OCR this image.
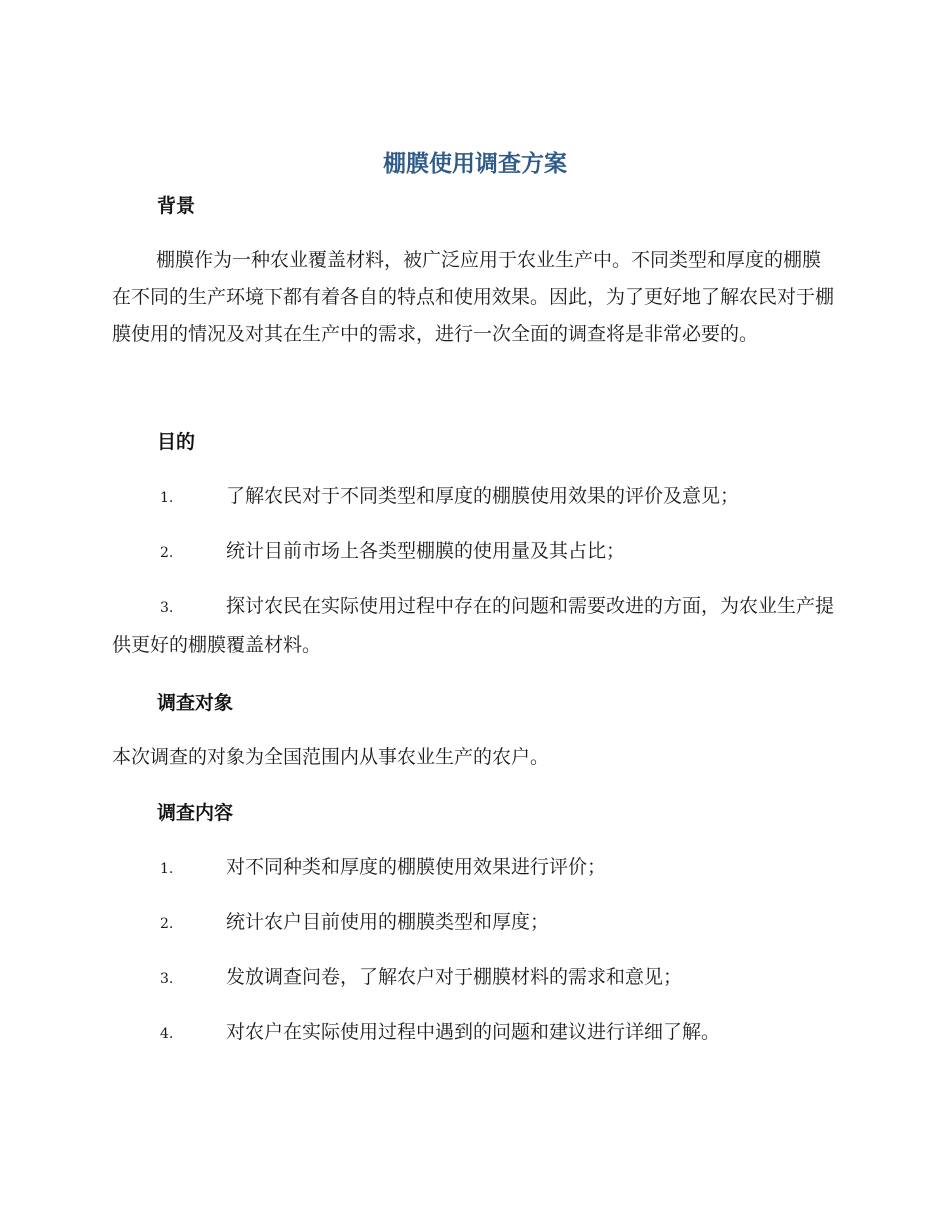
棚膜使用调查方案
背景

棚膜作为一种农业覆盖材料，被广泛应用于农业生产中。不同类型和厚度的棚膜在不同的生产环境下都有着各自的特点和使用效果。因此，为了更好地了解农民对于棚膜使用的情况及对其在生产中的需求，进行一次全面的调查将是非常必要的。

目的

1.	了解农民对于不同类型和厚度的棚膜使用效果的评价及意见；

2.	统计目前市场上各类型棚膜的使用量及其占比；

3.	探讨农民在实际使用过程中存在的问题和需要改进的方面，为农业生产提供更好的棚膜覆盖材料。

调查对象

本次调查的对象为全国范围内从事农业生产的农户。

调查内容

1.	对不同种类和厚度的棚膜使用效果进行评价；

2.	统计农户目前使用的棚膜类型和厚度；

3.	发放调查问卷，了解农户对于棚膜材料的需求和意见；

4.	对农户在实际使用过程中遇到的问题和建议进行详细了解。
